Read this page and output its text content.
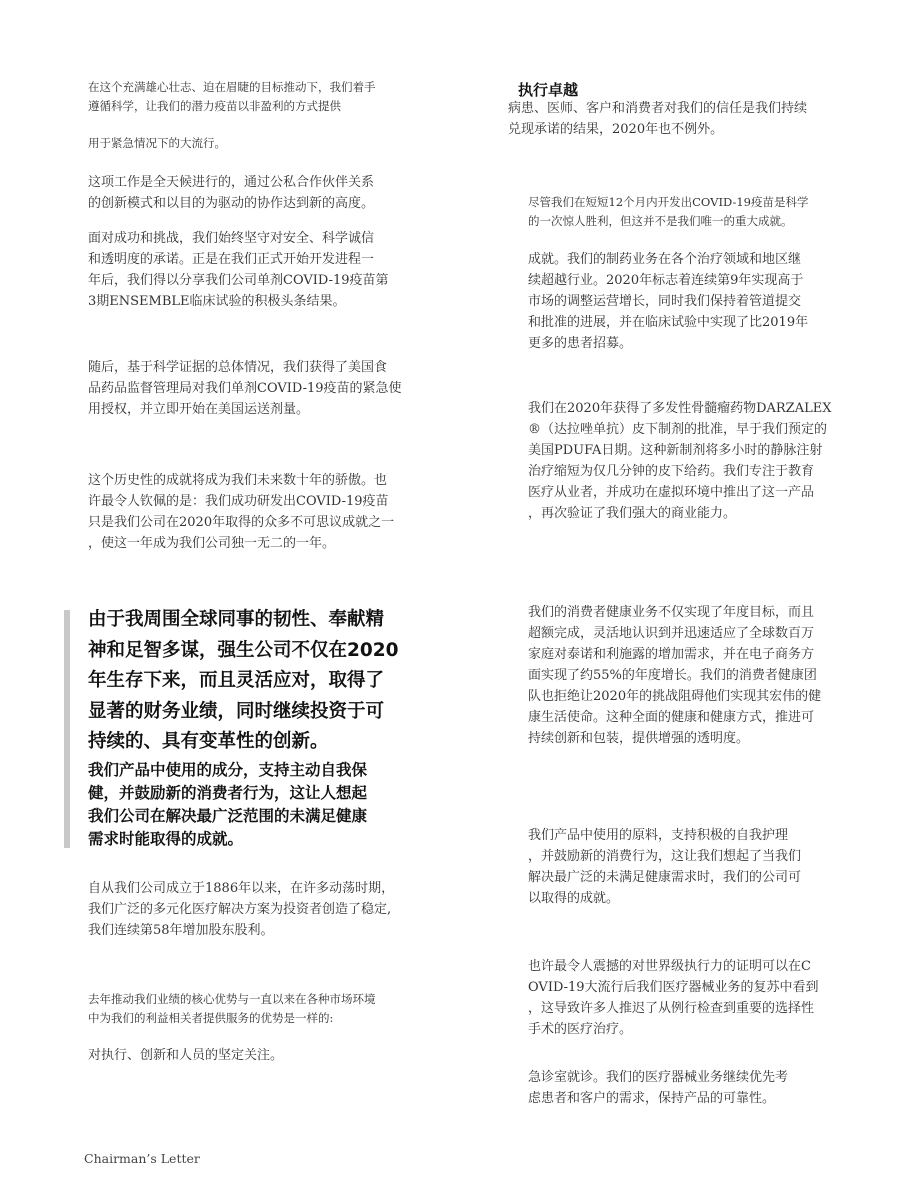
在这个充满雄心壮志、迫在眉睫的目标推动下，我们着手
遵循科学，让我们的潜力疫苗以非盈利的方式提供

用于紧急情况下的大流行。

这项工作是全天候进行的，通过公私合作伙伴关系
的创新模式和以目的为驱动的协作达到新的高度。

面对成功和挑战，我们始终坚守对安全、科学诚信
和透明度的承诺。正是在我们正式开始开发进程一
年后，我们得以分享我们公司单剂COVID-19疫苗第
3期ENSEMBLE临床试验的积极头条结果。

随后，基于科学证据的总体情况，我们获得了美国食
品药品监督管理局对我们单剂COVID-19疫苗的紧急使
用授权，并立即开始在美国运送剂量。

这个历史性的成就将成为我们未来数十年的骄傲。也
许最令人钦佩的是：我们成功研发出COVID-19疫苗
只是我们公司在2020年取得的众多不可思议成就之一
，使这一年成为我们公司独一无二的一年。

由于我周围全球同事的韧性、奉献精
神和足智多谋，强生公司不仅在2020
年生存下来，而且灵活应对，取得了
显著的财务业绩，同时继续投资于可
持续的、具有变革性的创新。

我们产品中使用的成分，支持主动自我保
健，并鼓励新的消费者行为，这让人想起
我们公司在解决最广泛范围的未满足健康
需求时能取得的成就。

自从我们公司成立于1886年以来，在许多动荡时期，
我们广泛的多元化医疗解决方案为投资者创造了稳定,
我们连续第58年增加股东股利。

去年推动我们业绩的核心优势与一直以来在各种市场环境
中为我们的利益相关者提供服务的优势是一样的:

对执行、创新和人员的坚定关注。

执行卓越

病患、医师、客户和消费者对我们的信任是我们持续
兑现承诺的结果，2020年也不例外。

尽管我们在短短12个月内开发出COVID-19疫苗是科学
的一次惊人胜利，但这并不是我们唯一的重大成就。

成就。我们的制药业务在各个治疗领域和地区继
续超越行业。2020年标志着连续第9年实现高于
市场的调整运营增长，同时我们保持着管道提交
和批准的进展，并在临床试验中实现了比2019年
更多的患者招募。

我们在2020年获得了多发性骨髓瘤药物DARZALEX
®（达拉唑单抗）皮下制剂的批准，早于我们预定的
美国PDUFA日期。这种新制剂将多小时的静脉注射
治疗缩短为仅几分钟的皮下给药。我们专注于教育
医疗从业者，并成功在虚拟环境中推出了这一产品
，再次验证了我们强大的商业能力。

我们的消费者健康业务不仅实现了年度目标，而且
超额完成，灵活地认识到并迅速适应了全球数百万
家庭对泰诺和利施露的增加需求，并在电子商务方
面实现了约55%的年度增长。我们的消费者健康团
队也拒绝让2020年的挑战阻碍他们实现其宏伟的健
康生活使命。这种全面的健康和健康方式，推进可
持续创新和包装，提供增强的透明度。

我们产品中使用的原料，支持积极的自我护理
，并鼓励新的消费行为，这让我们想起了当我们
解决最广泛的未满足健康需求时，我们的公司可
以取得的成就。

也许最令人震撼的对世界级执行力的证明可以在C
OVID-19大流行后我们医疗器械业务的复苏中看到
，这导致许多人推迟了从例行检查到重要的选择性
手术的医疗治疗。

急诊室就诊。我们的医疗器械业务继续优先考
虑患者和客户的需求，保持产品的可靠性。

Chairman’s Letter
